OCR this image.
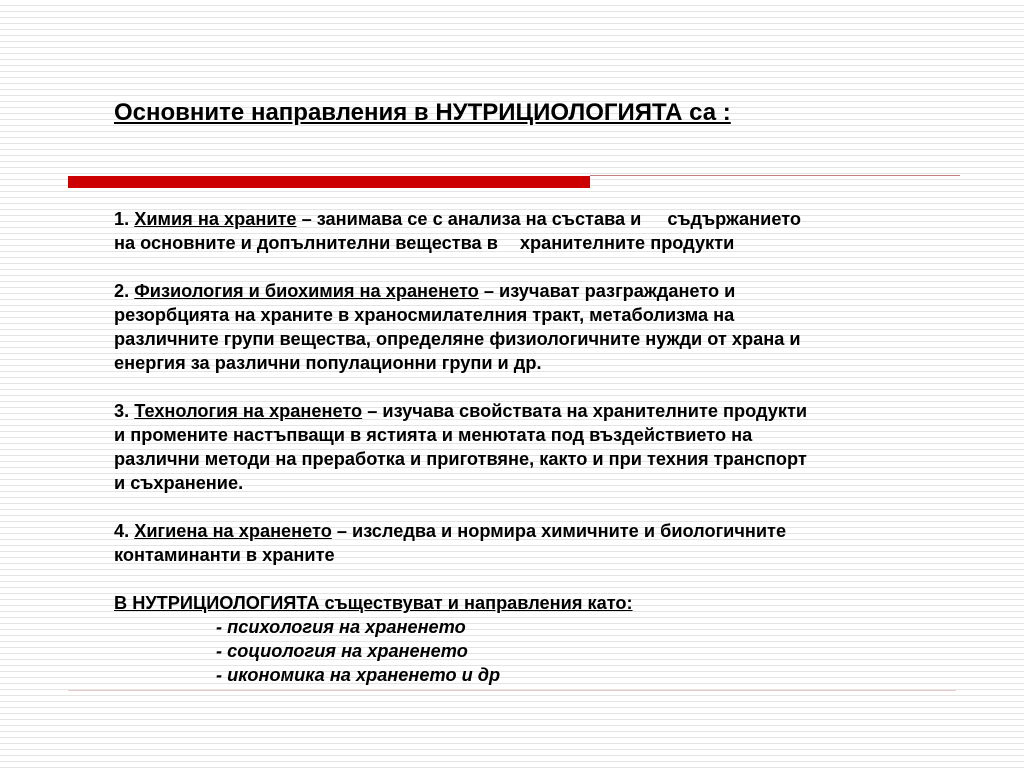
Основните направления в НУТРИЦИОЛОГИЯТА са :
1. Химия на храните – занимава се с анализа на състава и съдържанието
на основните и допълнителни вещества в хранителните продукти
2. Физиология и биохимия на храненето – изучават разграждането и
резорбцията на храните в храносмилателния тракт, метаболизма на
различните групи вещества, определяне физиологичните нужди от храна и
енергия за различни популационни групи и др.
3. Технология на храненето – изучава свойствата на хранителните продукти
и промените настъпващи в ястията и менютата под въздействието на
различни методи на преработка и приготвяне, както и при техния транспорт
и съхранение.
4. Хигиена на храненето – изследва и нормира химичните и биологичните
контаминанти в храните
В НУТРИЦИОЛОГИЯТА съществуват и направления като:
- психология на храненето
- социология на храненето
- икономика на храненето и др
